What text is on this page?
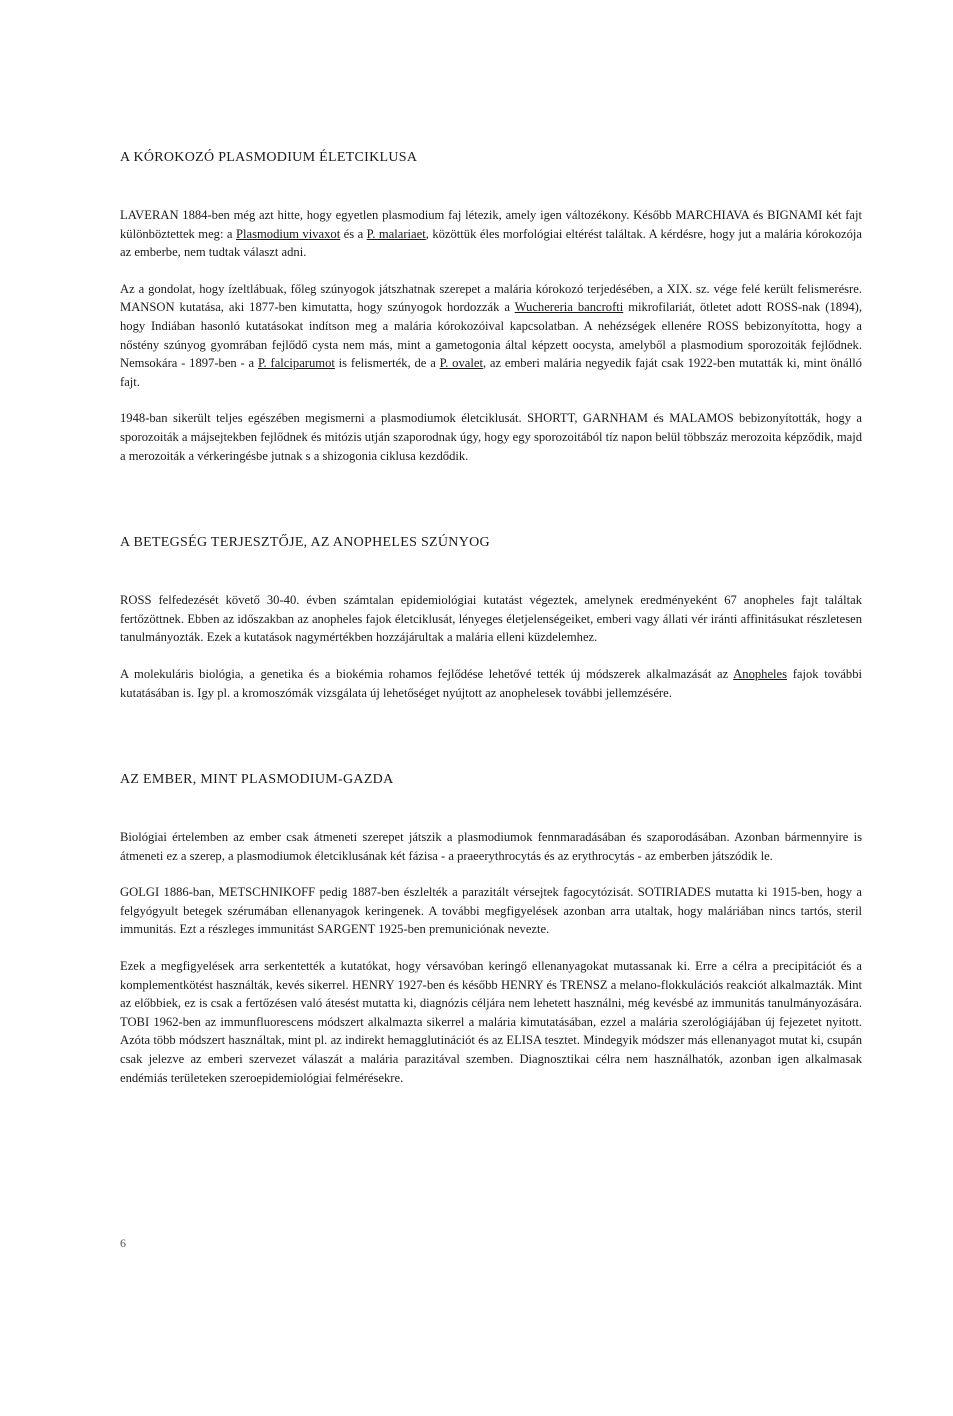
A KÓROKOZÓ PLASMODIUM ÉLETCIKLUSA

LAVERAN 1884-ben még azt hitte, hogy egyetlen plasmodium faj létezik, amely igen változékony. Később MARCHIAVA és BIGNAMI két fajt különböztettek meg: a Plasmodium vivaxot és a P. malariaet, közöttük éles morfológiai eltérést találtak. A kérdésre, hogy jut a malária kórokozója az emberbe, nem tudtak választ adni.

Az a gondolat, hogy ízeltlábuak, főleg szúnyogok játszhatnak szerepet a malária kórokozó terjedésében, a XIX. sz. vége felé került felismerésre. MANSON kutatása, aki 1877-ben kimutatta, hogy szúnyogok hordozzák a Wuchereria bancrofti mikrofilariát, ötletet adott ROSS-nak (1894), hogy Indiában hasonló kutatásokat indítson meg a malária kórokozóival kapcsolatban. A nehézségek ellenére ROSS bebizonyította, hogy a nőstény szúnyog gyomrában fejlődő cysta nem más, mint a gametogonia által képzett oocysta, amelyből a plasmodium sporozoiták fejlődnek. Nemsokára - 1897-ben - a P. falciparumot is felismerték, de a P. ovalet, az emberi malária negyedik faját csak 1922-ben mutatták ki, mint önálló fajt.

1948-ban sikerült teljes egészében megismerni a plasmodiumok életciklusát. SHORTT, GARNHAM és MALAMOS bebizonyították, hogy a sporozoiták a májsejtekben fejlődnek és mitózis utján szaporodnak úgy, hogy egy sporozoitából tíz napon belül többszáz merozoita képződik, majd a merozoiták a vérkeringésbe jutnak s a shizogonia ciklusa kezdődik.

A BETEGSÉG TERJESZTŐJE, AZ ANOPHELES SZÚNYOG

ROSS felfedezését követő 30-40. évben számtalan epidemiológiai kutatást végeztek, amelynek eredményeként 67 anopheles fajt találtak fertőzöttnek. Ebben az időszakban az anopheles fajok életciklusát, lényeges életjelenségeiket, emberi vagy állati vér iránti affinitásukat részletesen tanulmányozták. Ezek a kutatások nagymértékben hozzájárultak a malária elleni küzdelemhez.

A molekuláris biológia, a genetika és a biokémia rohamos fejlődése lehetővé tették új módszerek alkalmazását az Anopheles fajok további kutatásában is. Igy pl. a kromoszómák vizsgálata új lehetőséget nyújtott az anophelesek további jellemzésére.

AZ EMBER, MINT PLASMODIUM-GAZDA

Biológiai értelemben az ember csak átmeneti szerepet játszik a plasmodiumok fennmaradásában és szaporodásában. Azonban bármennyire is átmeneti ez a szerep, a plasmodiumok életciklusának két fázisa - a praeerythrocytás és az erythrocytás - az emberben játszódik le.

GOLGI 1886-ban, METSCHNIKOFF pedig 1887-ben észlelték a parazitált vérsejtek fagocytózisát. SOTIRIADES mutatta ki 1915-ben, hogy a felgyógyult betegek szérumában ellenanyagok keringenek. A további megfigyelések azonban arra utaltak, hogy maláriában nincs tartós, steril immunitás. Ezt a részleges immunitást SARGENT 1925-ben premuniciónak nevezte.

Ezek a megfigyelések arra serkentették a kutatókat, hogy vérsavóban keringő ellenanyagokat mutassanak ki. Erre a célra a precipitációt és a komplementkötést használták, kevés sikerrel. HENRY 1927-ben és később HENRY és TRENSZ a melano-flokkulációs reakciót alkalmazták. Mint az előbbiek, ez is csak a fertőzésen való átesést mutatta ki, diagnózis céljára nem lehetett használni, még kevésbé az immunitás tanulmányozására. TOBI 1962-ben az immunfluorescens módszert alkalmazta sikerrel a malária kimutatásában, ezzel a malária szerológiájában új fejezetet nyitott. Azóta több módszert használtak, mint pl. az indirekt hemagglutinációt és az ELISA tesztet. Mindegyik módszer más ellenanyagot mutat ki, csupán csak jelezve az emberi szervezet válaszát a malária parazitával szemben. Diagnosztikai célra nem használhatók, azonban igen alkalmasak endémiás területeken szeroepidemiológiai felmérésekre.

6
